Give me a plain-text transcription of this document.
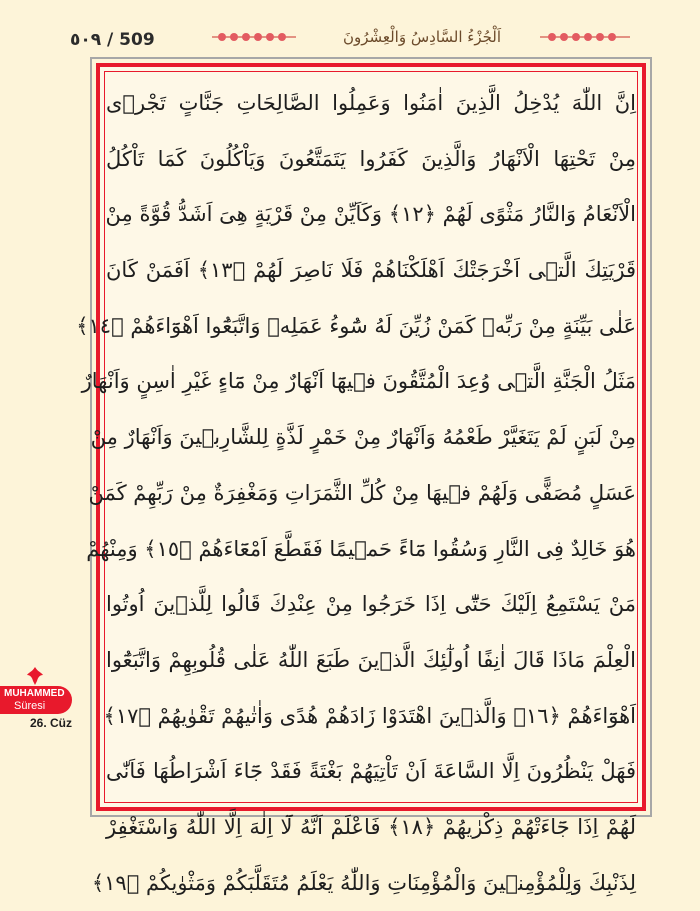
٥٠٩ / 509	اَلْجُزْءُ السَّادِسُ وَالْعِشْرُونَ
اِنَّ اللّٰهَ يُدْخِلُ الَّذِينَ اٰمَنُوا وَعَمِلُوا الصَّالِحَاتِ جَنَّاتٍ تَجْرٖى
مِنْ تَحْتِهَا الْاَنْهَارُ وَالَّذِينَ كَفَرُوا يَتَمَتَّعُونَ وَيَاْكُلُونَ كَمَا تَاْكُلُ
الْاَنْعَامُ وَالنَّارُ مَثْوًى لَهُمْ ﴿١٢﴾ وَكَاَيِّنْ مِنْ قَرْيَةٍ هِىَ اَشَدُّ قُوَّةً مِنْ
قَرْيَتِكَ الَّتٖى اَخْرَجَتْكَ اَهْلَكْنَاهُمْ فَلَا نَاصِرَ لَهُمْ ﴿١٣﴾ اَفَمَنْ كَانَ
عَلٰى بَيِّنَةٍ مِنْ رَبِّهٖ كَمَنْ زُيِّنَ لَهُ سُٓوءُ عَمَلِهٖ وَاتَّبَعُٓوا اَهْوَٓاءَهُمْ ﴿١٤﴾
مَثَلُ الْجَنَّةِ الَّتٖى وُعِدَ الْمُتَّقُونَ فٖيهَٓا اَنْهَارٌ مِنْ مَٓاءٍ غَيْرِ اٰسِنٍ وَاَنْهَارٌ
مِنْ لَبَنٍ لَمْ يَتَغَيَّرْ طَعْمُهُ وَاَنْهَارٌ مِنْ خَمْرٍ لَذَّةٍ لِلشَّارِبٖينَ وَاَنْهَارٌ مِنْ
عَسَلٍ مُصَفًّى وَلَهُمْ فٖيهَا مِنْ كُلِّ الثَّمَرَاتِ وَمَغْفِرَةٌ مِنْ رَبِّهِمْ كَمَنْ
هُوَ خَالِدٌ فِى النَّارِ وَسُقُوا مَٓاءً حَمٖيمًا فَقَطَّعَ اَمْعَٓاءَهُمْ ﴿١٥﴾ وَمِنْهُمْ
مَنْ يَسْتَمِعُ اِلَيْكَ حَتّٰٓى اِذَا خَرَجُوا مِنْ عِنْدِكَ قَالُوا لِلَّذٖينَ اُوتُوا
الْعِلْمَ مَاذَا قَالَ اٰنِفًا اُولٰٓئِكَ الَّذٖينَ طَبَعَ اللّٰهُ عَلٰى قُلُوبِهِمْ وَاتَّبَعُٓوا
اَهْوَٓاءَهُمْ ﴿١٦﴾ وَالَّذٖينَ اهْتَدَوْا زَادَهُمْ هُدًى وَاٰتٰيهُمْ تَقْوٰيهُمْ ﴿١٧﴾
فَهَلْ يَنْظُرُونَ اِلَّا السَّاعَةَ اَنْ تَاْتِيَهُمْ بَغْتَةً فَقَدْ جَٓاءَ اَشْرَاطُهَا فَاَنّٰى
لَهُمْ اِذَا جَٓاءَتْهُمْ ذِكْرٰيهُمْ ﴿١٨﴾ فَاعْلَمْ اَنَّهُ لَٓا اِلٰهَ اِلَّا اللّٰهُ وَاسْتَغْفِرْ
لِذَنْبِكَ وَلِلْمُؤْمِنٖينَ وَالْمُؤْمِنَاتِ وَاللّٰهُ يَعْلَمُ مُتَقَلَّبَكُمْ وَمَثْوٰيكُمْ ﴿١٩﴾
MUHAMMED
Süresi
26. Cüz
